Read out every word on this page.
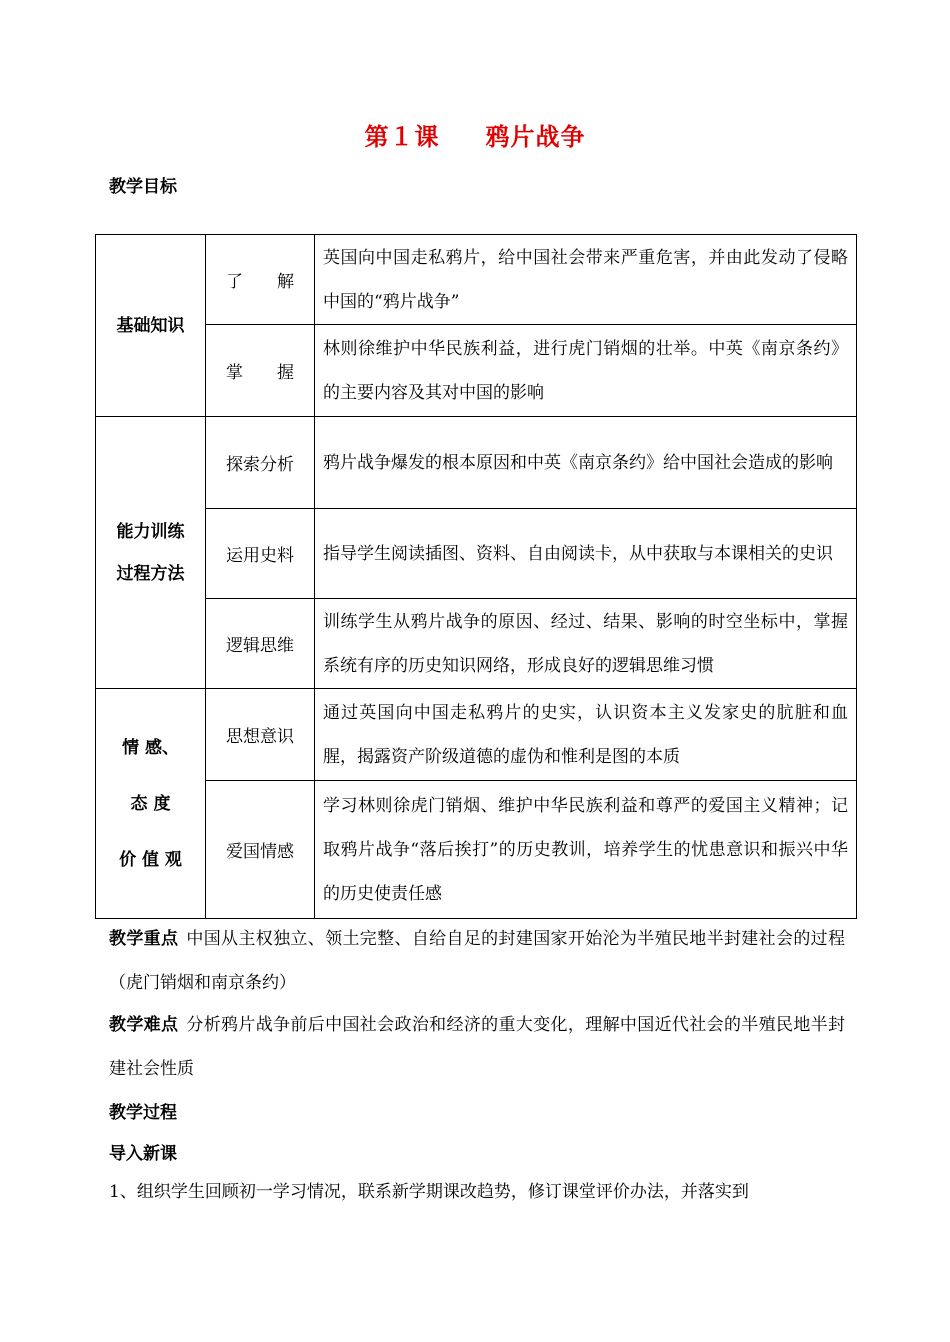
第１课 鸦片战争
教学目标
基础知识	了　　解	英国向中国走私鸦片，给中国社会带来严重危害，并由此发动了侵略中国的“鸦片战争”
	掌　　握	林则徐维护中华民族利益，进行虎门销烟的壮举。中英《南京条约》的主要内容及其对中国的影响

能力训练
过程方法	探索分析	鸦片战争爆发的根本原因和中英《南京条约》给中国社会造成的影响
	运用史料	指导学生阅读插图、资料、自由阅读卡，从中获取与本课相关的史识
	逻辑思维	训练学生从鸦片战争的原因、经过、结果、影响的时空坐标中，掌握系统有序的历史知识网络，形成良好的逻辑思维习惯

情 感、
态 度
价 值 观	思想意识	通过英国向中国走私鸦片的史实，认识资本主义发家史的肮脏和血腥，揭露资产阶级道德的虚伪和惟利是图的本质
	爱国情感	学习林则徐虎门销烟、维护中华民族利益和尊严的爱国主义精神；记取鸦片战争“落后挨打”的历史教训，培养学生的忧患意识和振兴中华的历史使责任感
教学重点 中国从主权独立、领土完整、自给自足的封建国家开始沦为半殖民地半封建社会的过程（虎门销烟和南京条约）
教学难点 分析鸦片战争前后中国社会政治和经济的重大变化，理解中国近代社会的半殖民地半封建社会性质
教学过程
导入新课
1、组织学生回顾初一学习情况，联系新学期课改趋势，修订课堂评价办法，并落实到
